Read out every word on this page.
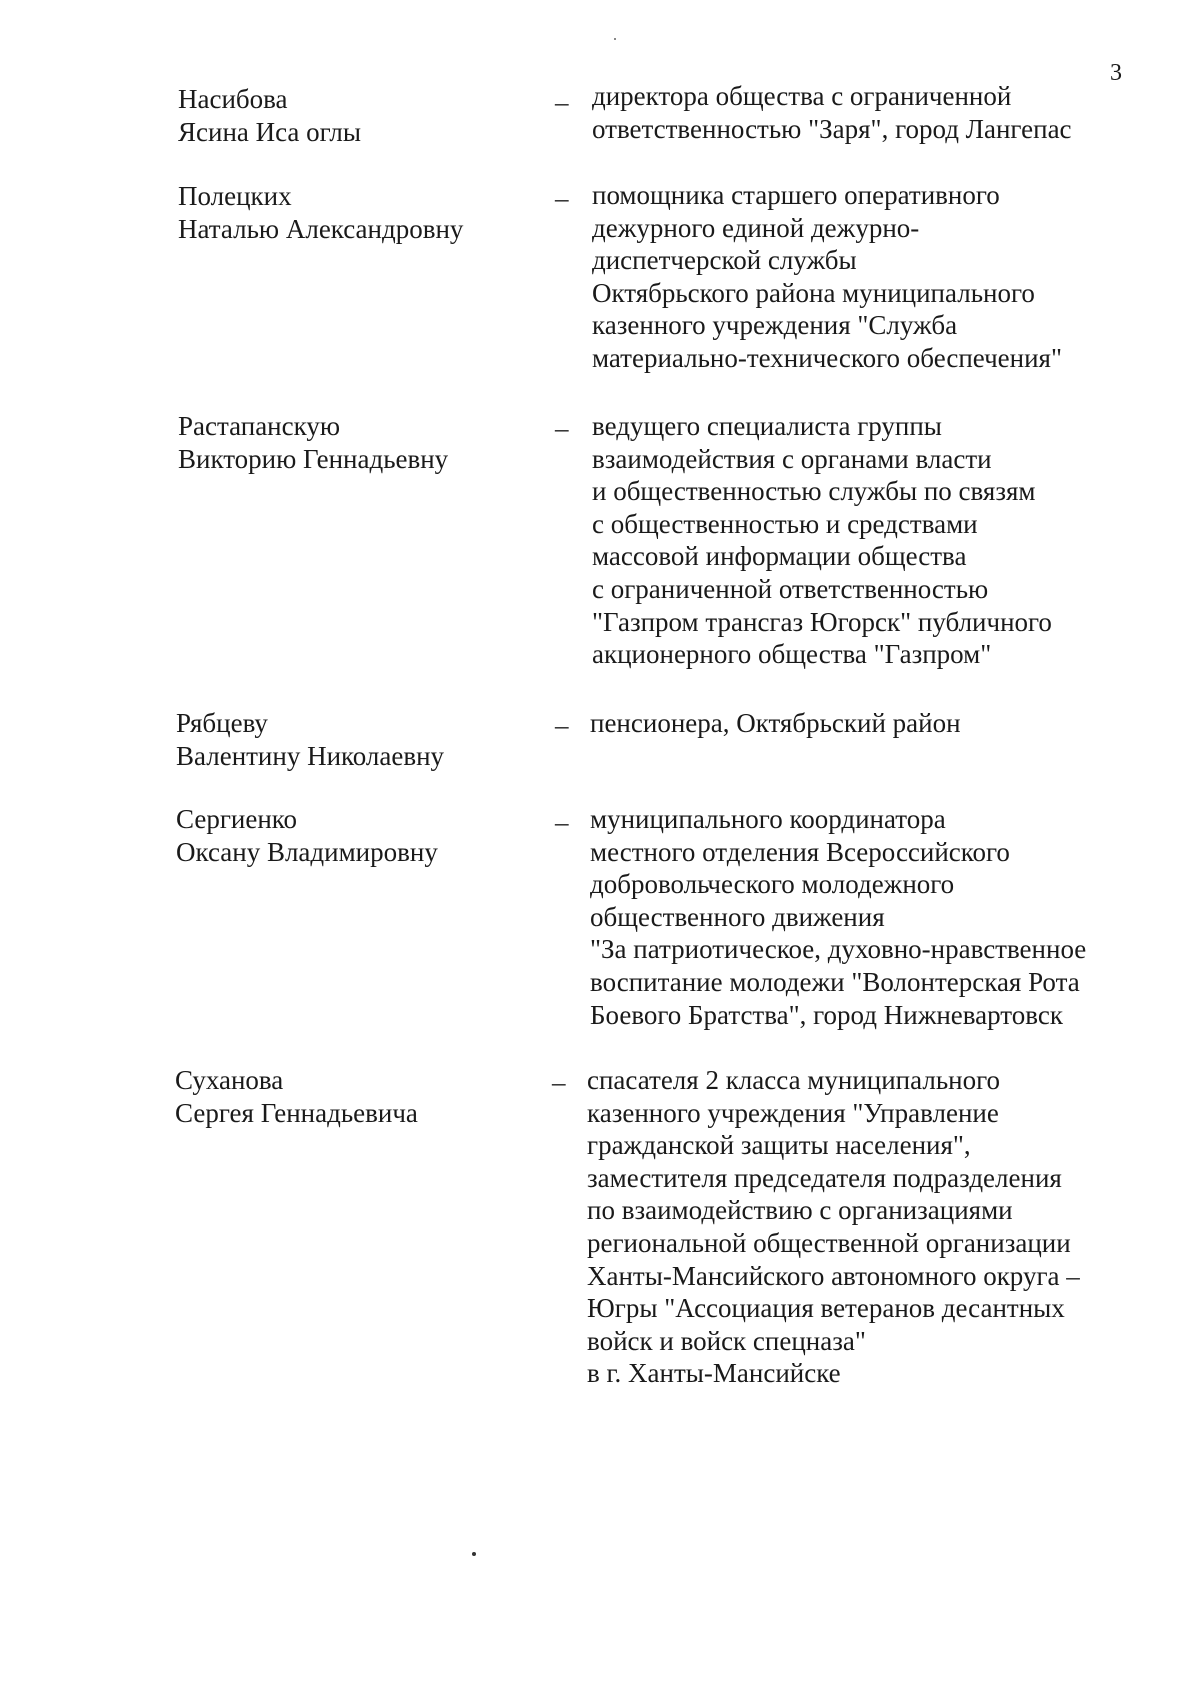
3
Насибова
Ясина Иса оглы
– директора общества с ограниченной
ответственностью "Заря", город Лангепас
Полецких
Наталью Александровну
– помощника старшего оперативного
дежурного единой дежурно-
диспетчерской службы
Октябрьского района муниципального
казенного учреждения "Служба
материально-технического обеспечения"
Растапанскую
Викторию Геннадьевну
– ведущего специалиста группы
взаимодействия с органами власти
и общественностью службы по связям
с общественностью и средствами
массовой информации общества
с ограниченной ответственностью
"Газпром трансгаз Югорск" публичного
акционерного общества "Газпром"
Рябцеву
Валентину Николаевну
– пенсионера, Октябрьский район
Сергиенко
Оксану Владимировну
– муниципального координатора
местного отделения Всероссийского
добровольческого молодежного
общественного движения
"За патриотическое, духовно-нравственное
воспитание молодежи "Волонтерская Рота
Боевого Братства", город Нижневартовск
Суханова
Сергея Геннадьевича
– спасателя 2 класса муниципального
казенного учреждения "Управление
гражданской защиты населения",
заместителя председателя подразделения
по взаимодействию с организациями
региональной общественной организации
Ханты-Мансийского автономного округа –
Югры "Ассоциация ветеранов десантных
войск и войск спецназа"
в г. Ханты-Мансийске
